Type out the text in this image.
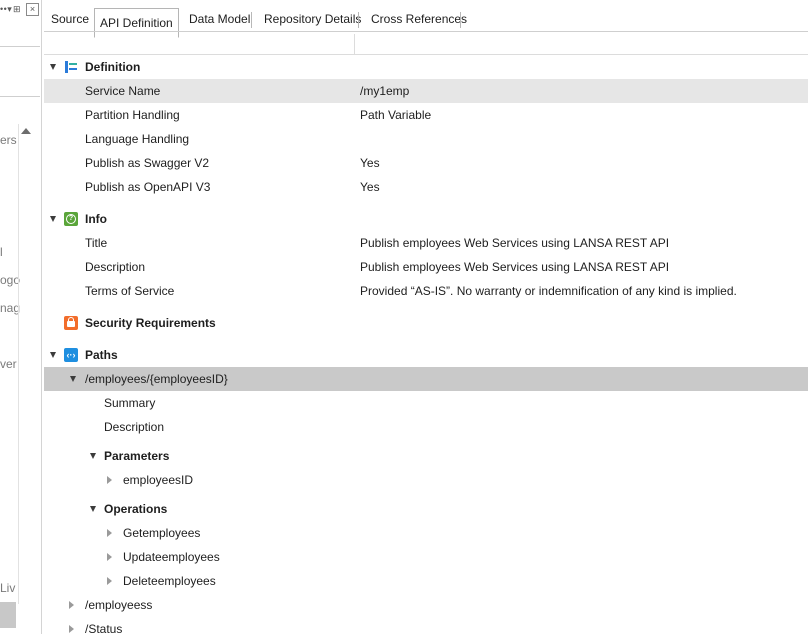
• • ▾ ⊞	×
ers
l
ogo
nag
ver
Liv
Source API Definition	Data Model	Repository Details Cross References
Definition
Service Name	/my1emp
Partition Handling	Path Variable
Language Handling
Publish as Swagger V2	Yes
Publish as OpenAPI V3	Yes
? Info
Title	Publish employees Web Services using LANSA REST API
Description	Publish employees Web Services using LANSA REST API
Terms of Service	Provided “AS-IS”. No warranty or indemnification of any kind is implied.
Security Requirements
‹·› Paths
/employees/{employeesID}
Summary
Description
Parameters
employeesID
Operations
Getemployees
Updateemployees
Deleteemployees
/employeess
/Status
